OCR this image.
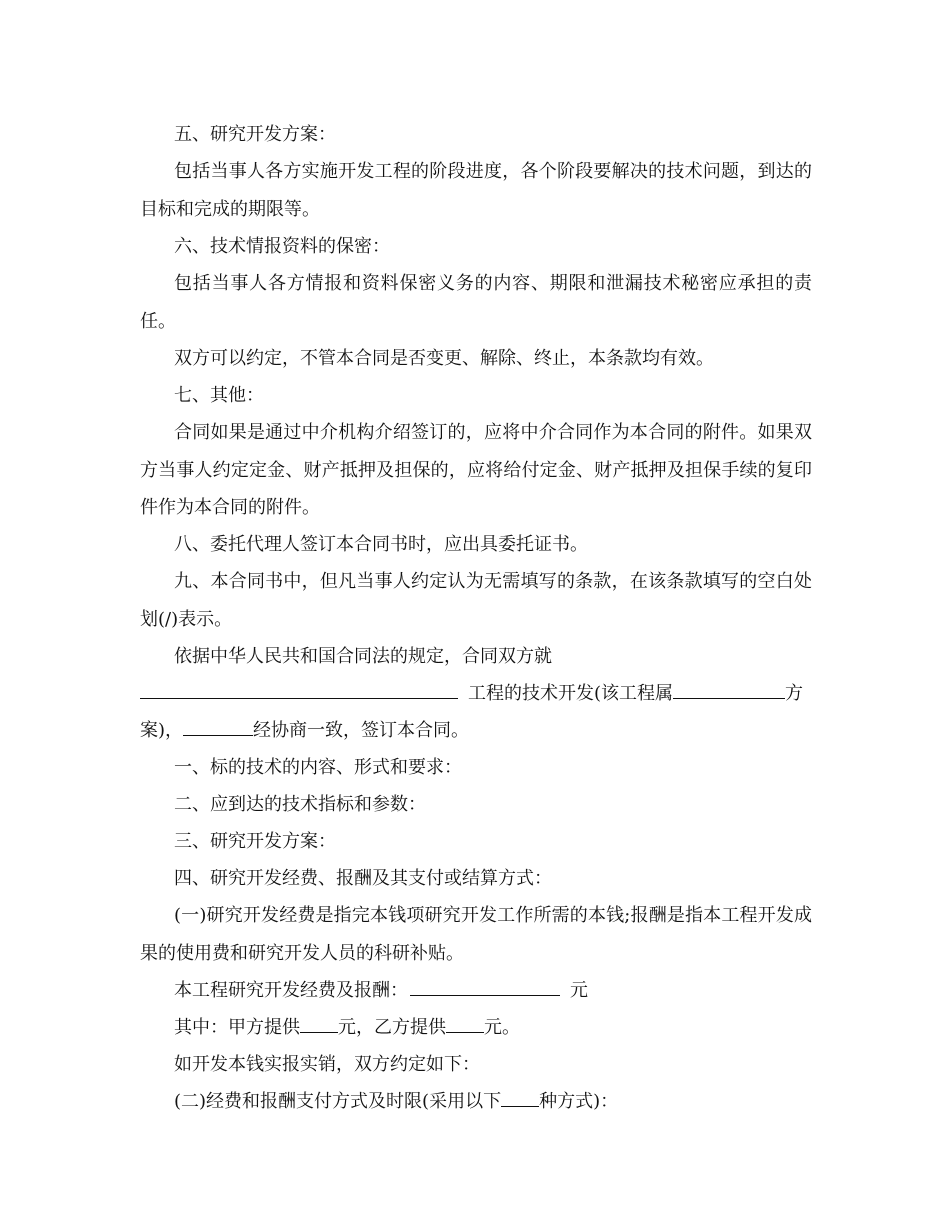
五、研究开发方案：

包括当事人各方实施开发工程的阶段进度，各个阶段要解决的技术问题，到达的目标和完成的期限等。

六、技术情报资料的保密：

包括当事人各方情报和资料保密义务的内容、期限和泄漏技术秘密应承担的责任。

双方可以约定，不管本合同是否变更、解除、终止，本条款均有效。

七、其他：

合同如果是通过中介机构介绍签订的，应将中介合同作为本合同的附件。如果双方当事人约定定金、财产抵押及担保的，应将给付定金、财产抵押及担保手续的复印件作为本合同的附件。

八、委托代理人签订本合同书时，应出具委托证书。

九、本合同书中，但凡当事人约定认为无需填写的条款，在该条款填写的空白处划(/)表示。

依据中华人民共和国合同法的规定，合同双方就

工程的技术开发(该工程属	方
案)，	经协商一致，签订本合同。

一、标的技术的内容、形式和要求：

二、应到达的技术指标和参数：

三、研究开发方案：

四、研究开发经费、报酬及其支付或结算方式：

(一)研究开发经费是指完本钱项研究开发工作所需的本钱;报酬是指本工程开发成果的使用费和研究开发人员的科研补贴。

本工程研究开发经费及报酬：	元
其中：甲方提供 元，乙方提供 元。

如开发本钱实报实销，双方约定如下：

(二)经费和报酬支付方式及时限(采用以下 种方式)：
